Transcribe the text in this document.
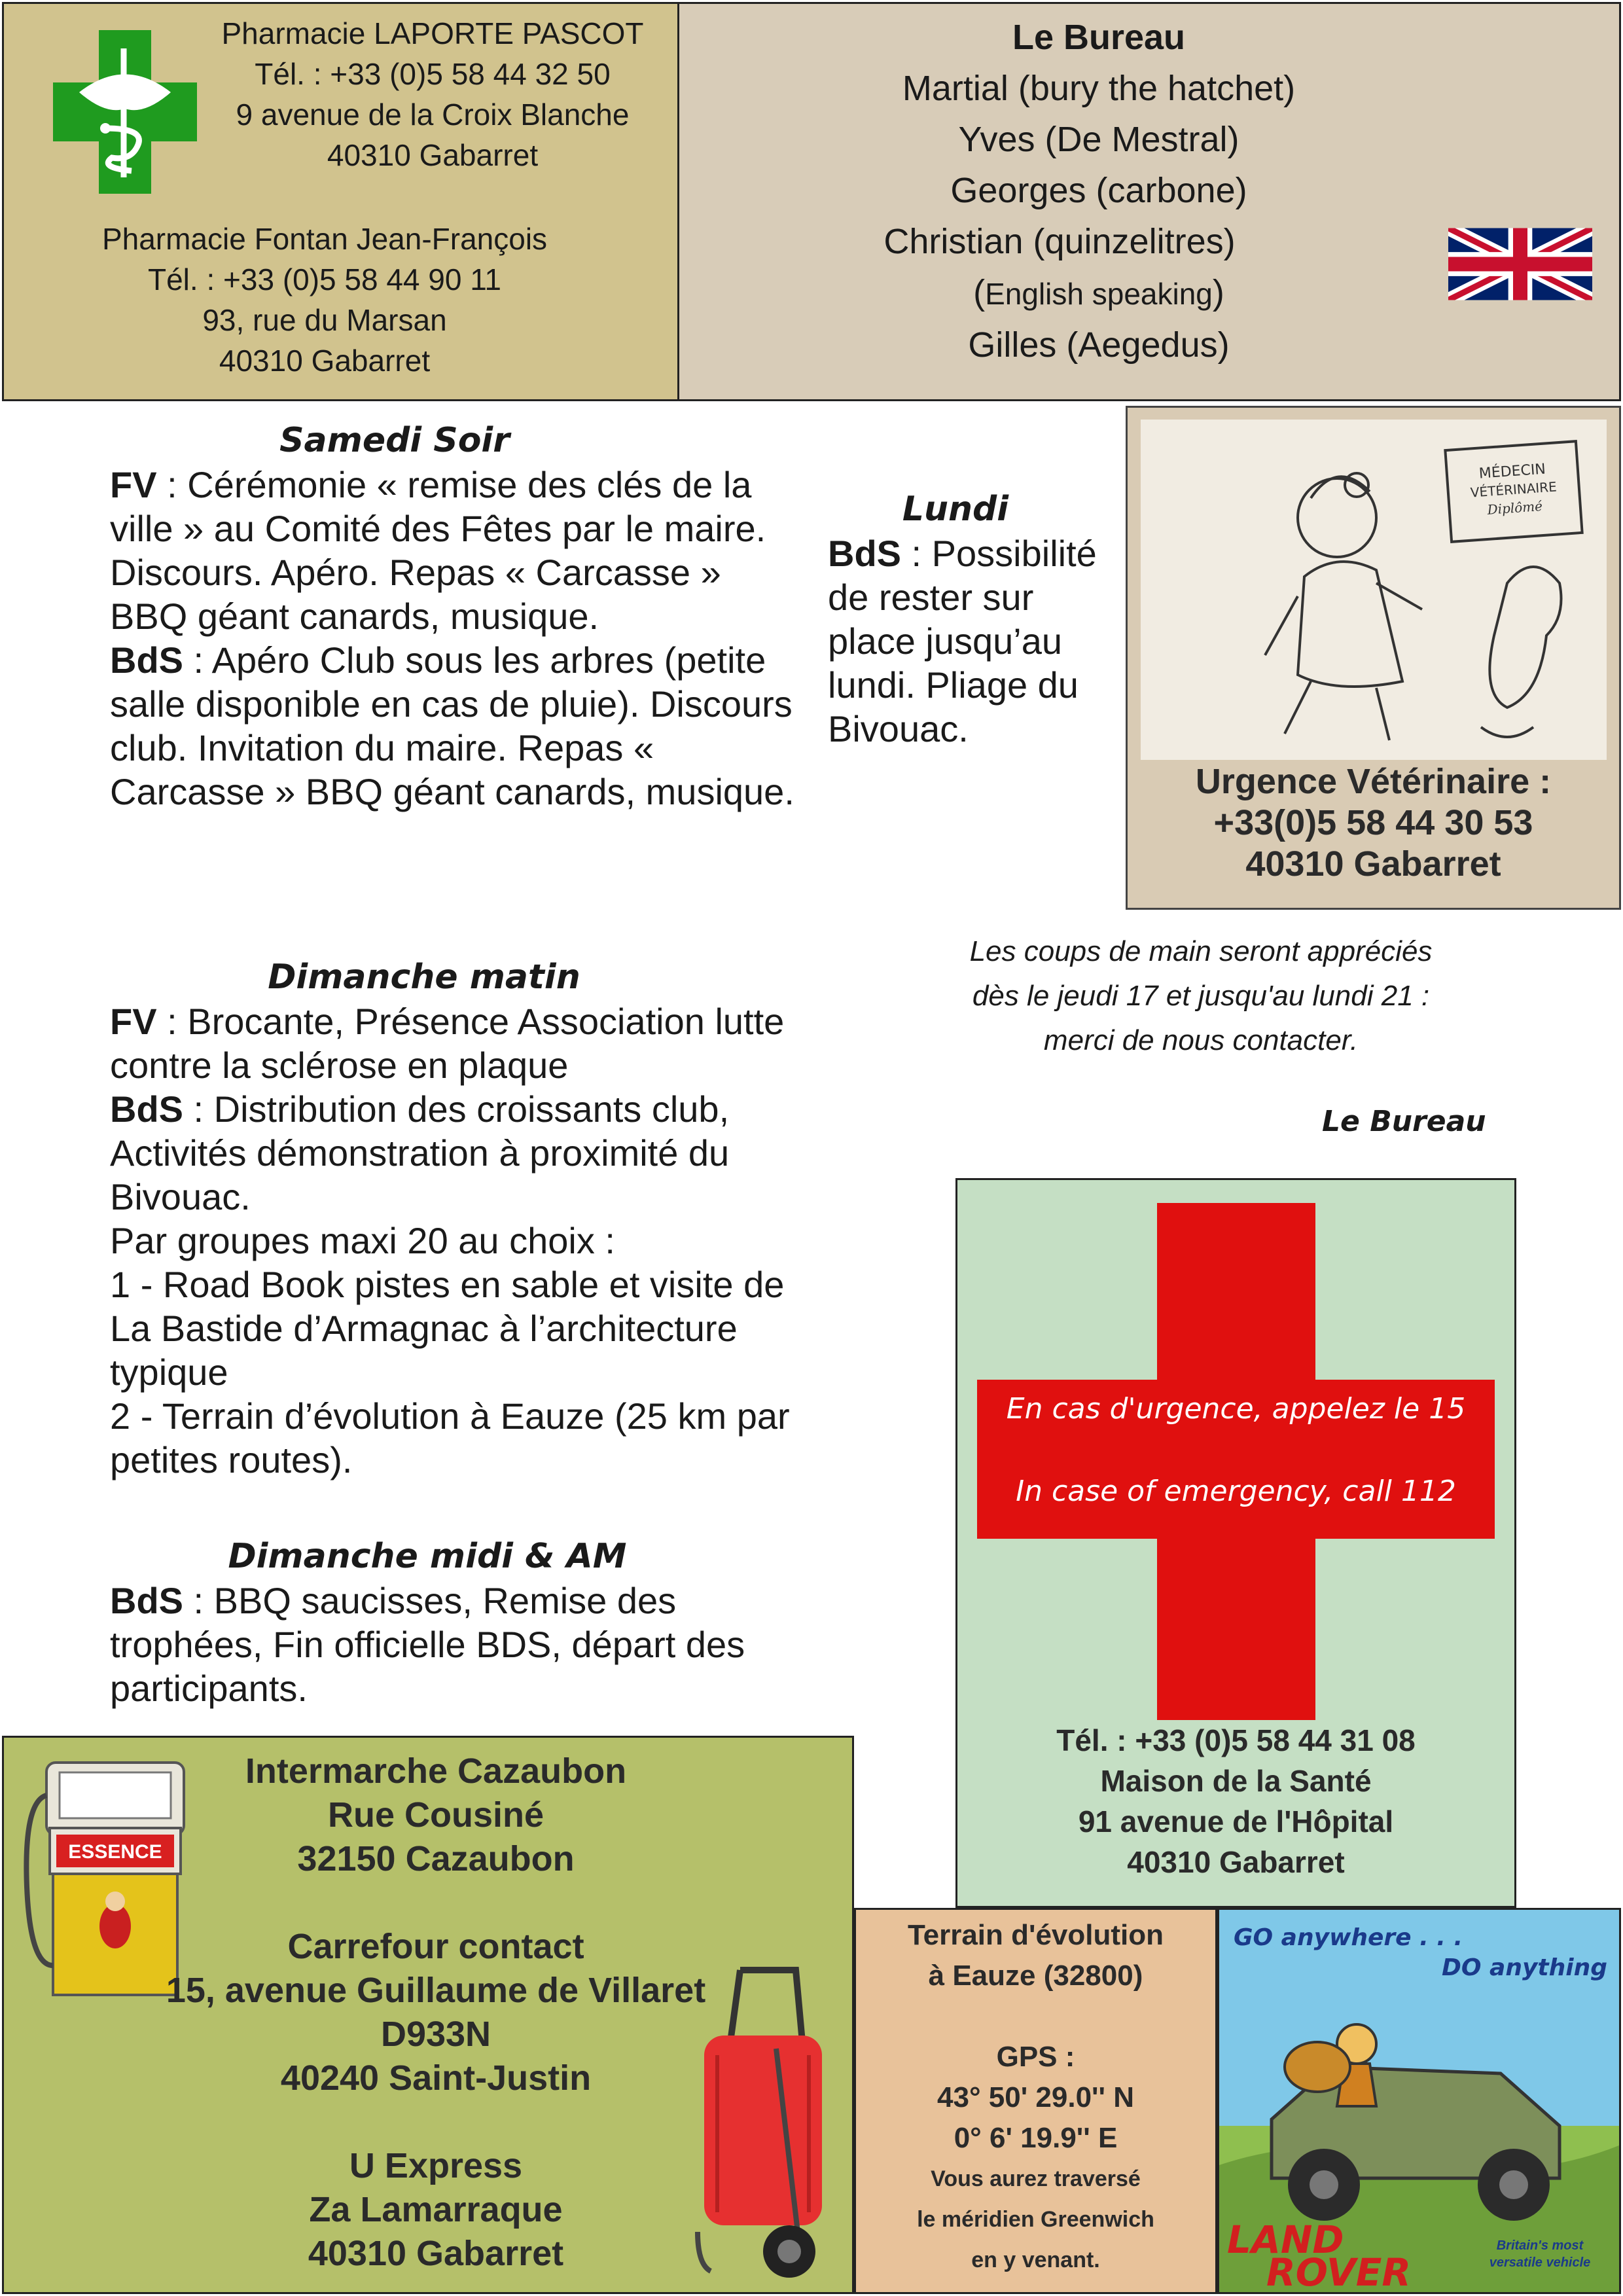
Pharmacie LAPORTE PASCOT
Tél. : +33 (0)5 58 44 32 50
9 avenue de la Croix Blanche
40310 Gabarret
Pharmacie Fontan Jean-François
Tél. : +33 (0)5 58 44 90 11
93, rue du Marsan
40310 Gabarret
Le Bureau
Martial (bury the hatchet)
Yves (De Mestral)
Georges (carbone)
Christian (quinzelitres)
(English speaking)
Gilles (Aegedus)
Samedi Soir

FV : Cérémonie « remise des clés de la ville » au Comité des Fêtes par le maire. Discours. Apéro. Repas « Carcasse » BBQ géant canards, musique.

BdS : Apéro Club sous les arbres (petite salle disponible en cas de pluie). Discours club. Invitation du maire. Repas « Carcasse » BBQ géant canards, musique.

Lundi

BdS : Possibilité de rester sur place jusqu’au lundi. Pliage du Bivouac.

MÉDECIN
VÉTÉRINAIRE
Diplômé
Urgence Vétérinaire :
+33(0)5 58 44 30 53
40310 Gabarret
Les coups de main seront appréciés
dès le jeudi 17 et jusqu'au lundi 21 :
merci de nous contacter.
Le Bureau
Dimanche matin

FV : Brocante, Présence Association lutte contre la sclérose en plaque

BdS : Distribution des croissants club, Activités démonstration à proximité du Bivouac.

Par groupes maxi 20 au choix :

1 - Road Book pistes en sable et visite de La Bastide d’Armagnac à l’architecture typique

2 - Terrain d’évolution à Eauze (25 km par petites routes).

Dimanche midi & AM

BdS : BBQ saucisses, Remise des trophées, Fin officielle BDS, départ des participants.

En cas d'urgence, appelez le 15
In case of emergency, call 112
Tél. : +33 (0)5 58 44 31 08
Maison de la Santé
91 avenue de l'Hôpital
40310 Gabarret
ESSENCE
Intermarche Cazaubon
Rue Cousiné
32150 Cazaubon
Carrefour contact
15, avenue Guillaume de Villaret
D933N
40240 Saint-Justin
U Express
Za Lamarraque
40310 Gabarret
Terrain d'évolution
à Eauze (32800)
GPS :
43° 50' 29.0'' N
0° 6' 19.9'' E
Vous aurez traversé
le méridien Greenwich
en y venant.
GO anywhere . . .
DO anything
LAND
ROVER
Britain's most
versatile vehicle
